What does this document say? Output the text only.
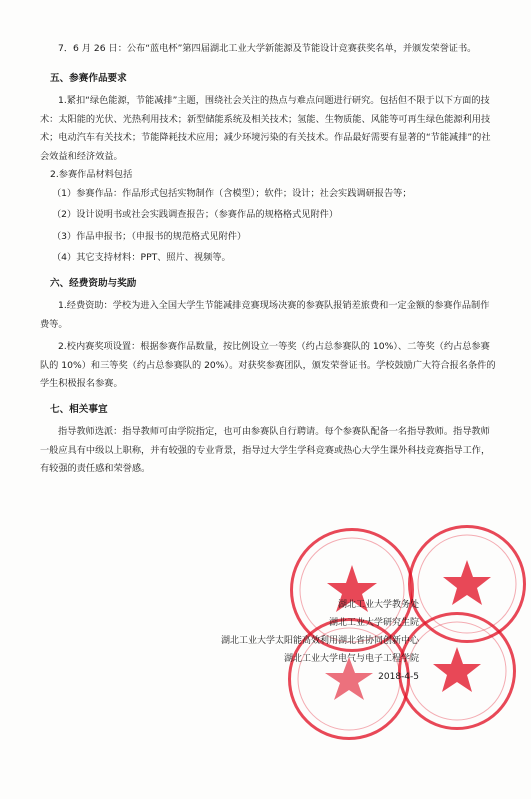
7．6 月 26 日：公布“蓝电杯”第四届湖北工业大学新能源及节能设计竞赛获奖名单，并颁发荣誉证书。

五、参赛作品要求

1.紧扣“绿色能源，节能减排”主题，围绕社会关注的热点与难点问题进行研究。包括但不限于以下方面的技术：太阳能的光伏、光热利用技术；新型储能系统及相关技术；氢能、生物质能、风能等可再生绿色能源利用技术；电动汽车有关技术；节能降耗技术应用；减少环境污染的有关技术。作品最好需要有显著的“节能减排”的社会效益和经济效益。

2.参赛作品材料包括

（1）参赛作品：作品形式包括实物制作（含模型）；软件；设计；社会实践调研报告等；

（2）设计说明书或社会实践调查报告；（参赛作品的规格格式见附件）

（3）作品申报书；（申报书的规范格式见附件）

（4）其它支持材料：PPT、照片、视频等。

六、经费资助与奖励

1.经费资助：学校为进入全国大学生节能减排竞赛现场决赛的参赛队报销差旅费和一定金额的参赛作品制作费等。

2.校内赛奖项设置：根据参赛作品数量，按比例设立一等奖（约占总参赛队的 10%）、二等奖（约占总参赛队的 10%）和三等奖（约占总参赛队的 20%）。对获奖参赛团队，颁发荣誉证书。学校鼓励广大符合报名条件的学生积极报名参赛。

七、相关事宜

指导教师选派：指导教师可由学院指定，也可由参赛队自行聘请。每个参赛队配备一名指导教师。指导教师一般应具有中级以上职称，并有较强的专业背景，指导过大学生学科竞赛或热心大学生课外科技竞赛指导工作，有较强的责任感和荣誉感。

湖北工业大学教务处
湖北工业大学研究生院
湖北工业大学太阳能高效利用湖北省协同创新中心
湖北工业大学电气与电子工程学院
2018-4-5
